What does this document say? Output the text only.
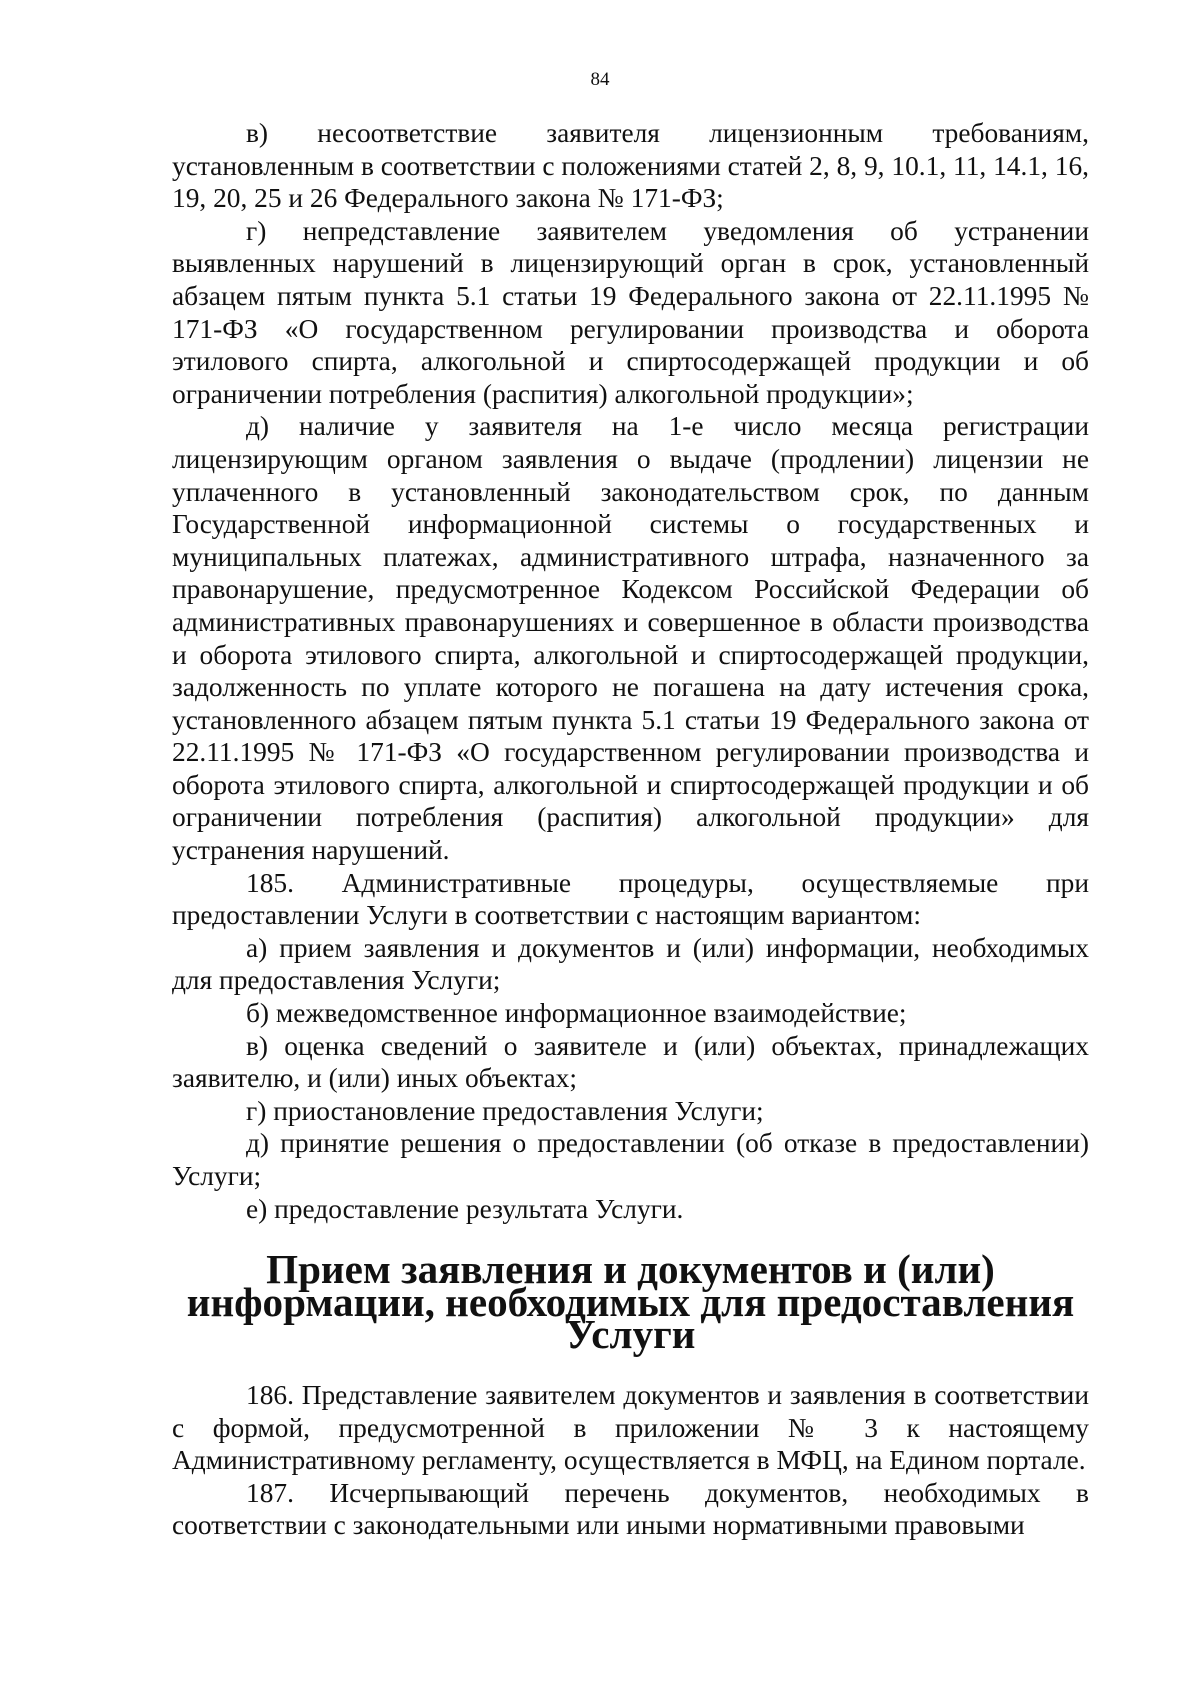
84

в) несоответствие заявителя лицензионным требованиям, установленным в соответствии с положениями статей 2, 8, 9, 10.1, 11, 14.1, 16, 19, 20, 25 и 26 Федерального закона № 171-ФЗ;

г) непредставление заявителем уведомления об устранении выявленных нарушений в лицензирующий орган в срок, установленный абзацем пятым пункта 5.1 статьи 19 Федерального закона от 22.11.1995 № 171-ФЗ «О государственном регулировании производства и оборота этилового спирта, алкогольной и спиртосодержащей продукции и об ограничении потребления (распития) алкогольной продукции»;

д) наличие у заявителя на 1-е число месяца регистрации лицензирующим органом заявления о выдаче (продлении) лицензии не уплаченного в установленный законодательством срок, по данным Государственной информационной системы о государственных и муниципальных платежах, административного штрафа, назначенного за правонарушение, предусмотренное Кодексом Российской Федерации об административных правонарушениях и совершенное в области производства и оборота этилового спирта, алкогольной и спиртосодержащей продукции, задолженность по уплате которого не погашена на дату истечения срока, установленного абзацем пятым пункта 5.1 статьи 19 Федерального закона от 22.11.1995 № 171-ФЗ «О государственном регулировании производства и оборота этилового спирта, алкогольной и спиртосодержащей продукции и об ограничении потребления (распития) алкогольной продукции» для устранения нарушений.

185. Административные процедуры, осуществляемые при предоставлении Услуги в соответствии с настоящим вариантом:

а) прием заявления и документов и (или) информации, необходимых для предоставления Услуги;

б) межведомственное информационное взаимодействие;

в) оценка сведений о заявителе и (или) объектах, принадлежащих заявителю, и (или) иных объектах;

г) приостановление предоставления Услуги;

д) принятие решения о предоставлении (об отказе в предоставлении) Услуги;

е) предоставление результата Услуги.

Прием заявления и документов и (или) информации, необходимых для предоставления Услуги

186. Представление заявителем документов и заявления в соответствии с формой, предусмотренной в приложении № 3 к настоящему Административному регламенту, осуществляется в МФЦ, на Едином портале.

187. Исчерпывающий перечень документов, необходимых в соответствии с законодательными или иными нормативными правовыми
